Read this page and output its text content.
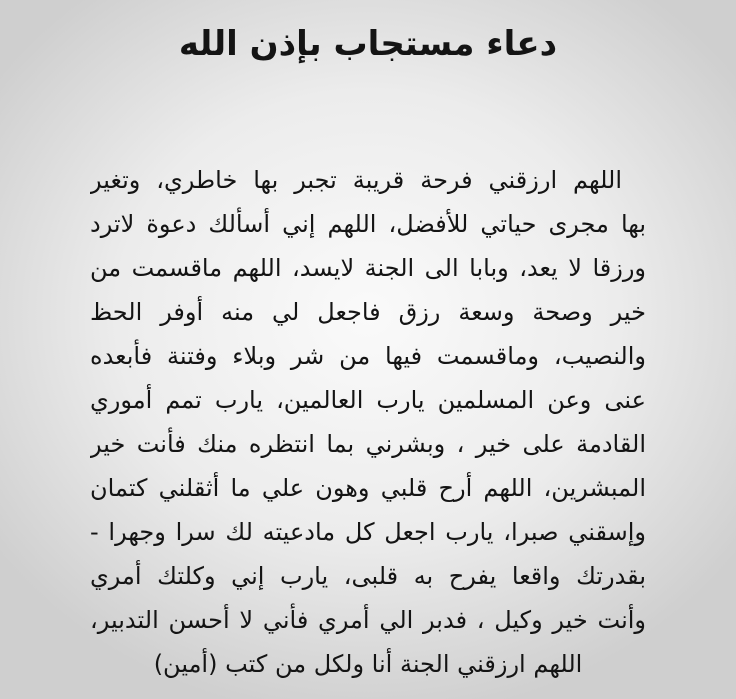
دعاء مستجاب بإذن الله
اللهم ارزقني فرحة قريبة تجبر بها خاطري، وتغير
بها مجرى حياتي للأفضل، اللهم إني أسألك دعوة لاترد
ورزقا لا يعد، وبابا الى الجنة لايسد، اللهم ماقسمت من
خير وصحة وسعة رزق فاجعل لي منه أوفر الحظ
والنصيب، وماقسمت فيها من شر وبلاء وفتنة فأبعده
عنى وعن المسلمين يارب العالمين، يارب تمم أموري
القادمة على خير ، وبشرني بما انتظره منك فأنت خير
المبشرين، اللهم أرح قلبي وهون علي ما أثقلني كتمان
وإسقني صبرا، يارب اجعل كل مادعيته لك سرا وجهرا -
بقدرتك واقعا يفرح به قلبى، يارب إني وكلتك أمري
وأنت خير وكيل ، فدبر الي أمري فأني لا أحسن التدبير،
اللهم ارزقني الجنة أنا ولكل من كتب (أمين)
